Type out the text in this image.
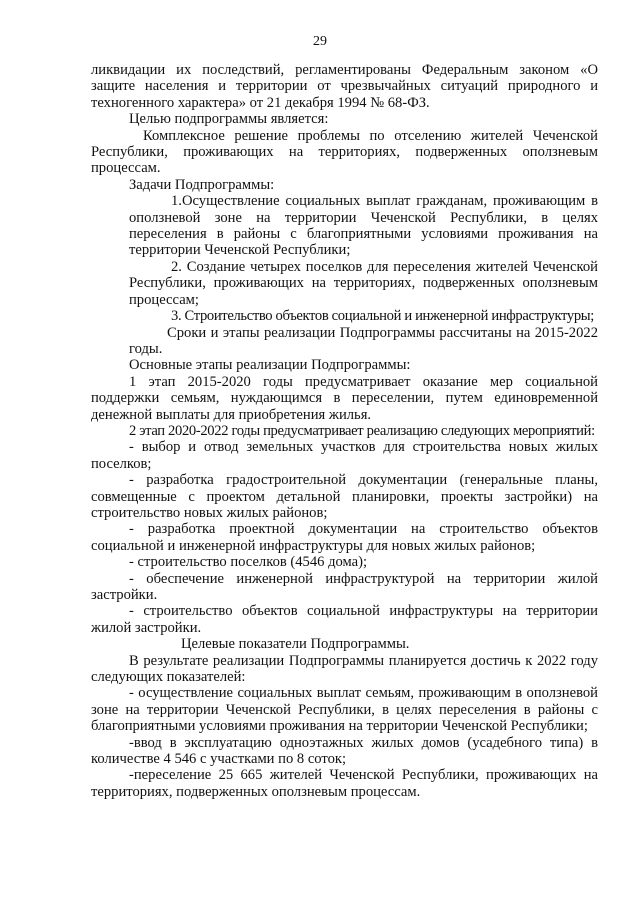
29

ликвидации их последствий, регламентированы Федеральным законом «О защите населения и территории от чрезвычайных ситуаций природного и техногенного характера» от 21 декабря 1994 № 68-ФЗ.

Целью подпрограммы является:

Комплексное решение проблемы по отселению жителей Чеченской Республики, проживающих на территориях, подверженных оползневым процессам.

Задачи Подпрограммы:

1.Осуществление социальных выплат гражданам, проживающим в оползневой зоне на территории Чеченской Республики, в целях переселения в районы с благоприятными условиями проживания на территории Чеченской Республики;

2. Создание четырех поселков для переселения жителей Чеченской Республики, проживающих на территориях, подверженных оползневым процессам;

3. Строительство объектов социальной и инженерной инфраструктуры;

Сроки и этапы реализации Подпрограммы рассчитаны на 2015-2022 годы.

Основные этапы реализации Подпрограммы:

1 этап 2015-2020 годы предусматривает оказание мер социальной поддержки семьям, нуждающимся в переселении, путем единовременной денежной выплаты для приобретения жилья.

2 этап 2020-2022 годы предусматривает реализацию следующих мероприятий:

- выбор и отвод земельных участков для строительства новых жилых поселков;

- разработка градостроительной документации (генеральные планы, совмещенные с проектом детальной планировки, проекты застройки) на строительство новых жилых районов;

- разработка проектной документации на строительство объектов социальной и инженерной инфраструктуры для новых жилых районов;

- строительство поселков (4546 дома);

- обеспечение инженерной инфраструктурой на территории жилой застройки.

- строительство объектов социальной инфраструктуры на территории жилой застройки.

Целевые показатели Подпрограммы.

В результате реализации Подпрограммы планируется достичь к 2022 году следующих показателей:

- осуществление социальных выплат семьям, проживающим в оползневой зоне на территории Чеченской Республики, в целях переселения в районы с благоприятными условиями проживания на территории Чеченской Республики;

-ввод в эксплуатацию одноэтажных жилых домов (усадебного типа) в количестве 4 546 с участками по 8 соток;

-переселение 25 665 жителей Чеченской Республики, проживающих на территориях, подверженных оползневым процессам.
